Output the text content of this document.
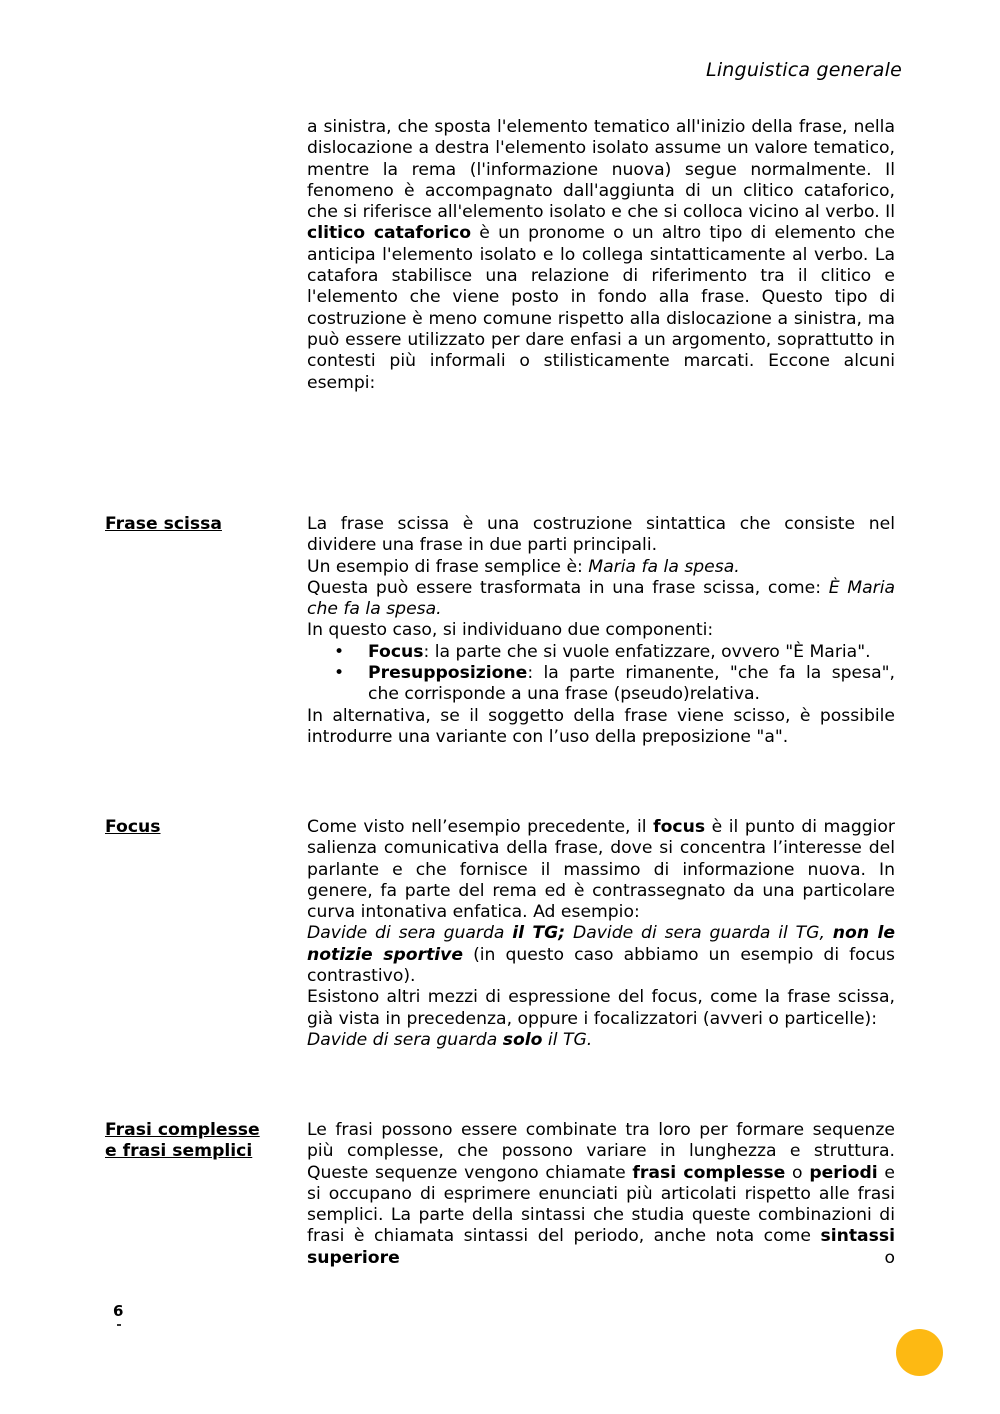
Linguistica generale

a sinistra, che sposta l'elemento tematico all'inizio della frase, nella dislocazione a destra l'elemento isolato assume un valore tematico, mentre la rema (l'informazione nuova) segue normalmente. Il fenomeno è accompagnato dall'aggiunta di un clitico cataforico, che si riferisce all'elemento isolato e che si colloca vicino al verbo. Il clitico cataforico è un pronome o un altro tipo di elemento che anticipa l'elemento isolato e lo collega sintatticamente al verbo. La catafora stabilisce una relazione di riferimento tra il clitico e l'elemento che viene posto in fondo alla frase. Questo tipo di costruzione è meno comune rispetto alla dislocazione a sinistra, ma può essere utilizzato per dare enfasi a un argomento, soprattutto in contesti più informali o stilisticamente marcati. Eccone alcuni esempi:

Frase scissa	La frase scissa è una costruzione sintattica che consiste nel dividere una frase in due parti principali.

Un esempio di frase semplice è: Maria fa la spesa.

Questa può essere trasformata in una frase scissa, come: È Maria che fa la spesa.

In questo caso, si individuano due componenti:

• Focus: la parte che si vuole enfatizzare, ovvero "È Maria".
• Presupposizione: la parte rimanente, "che fa la spesa", che corrisponde a una frase (pseudo)relativa.

In alternativa, se il soggetto della frase viene scisso, è possibile introdurre una variante con l’uso della preposizione "a".

Focus	Come visto nell’esempio precedente, il focus è il punto di maggior salienza comunicativa della frase, dove si concentra l’interesse del parlante e che fornisce il massimo di informazione nuova. In genere, fa parte del rema ed è contrassegnato da una particolare curva intonativa enfatica. Ad esempio:

Davide di sera guarda il TG; Davide di sera guarda il TG, non le notizie sportive (in questo caso abbiamo un esempio di focus contrastivo).

Esistono altri mezzi di espressione del focus, come la frase scissa, già vista in precedenza, oppure i focalizzatori (avveri o particelle):

Davide di sera guarda solo il TG.

Frasi complesse
e frasi semplici

Le frasi possono essere combinate tra loro per formare sequenze più complesse, che possono variare in lunghezza e struttura. Queste sequenze vengono chiamate frasi complesse o periodi e si occupano di esprimere enunciati più articolati rispetto alle frasi semplici. La parte della sintassi che studia queste combinazioni di frasi è chiamata sintassi del periodo, anche nota come sintassi superiore o

6
